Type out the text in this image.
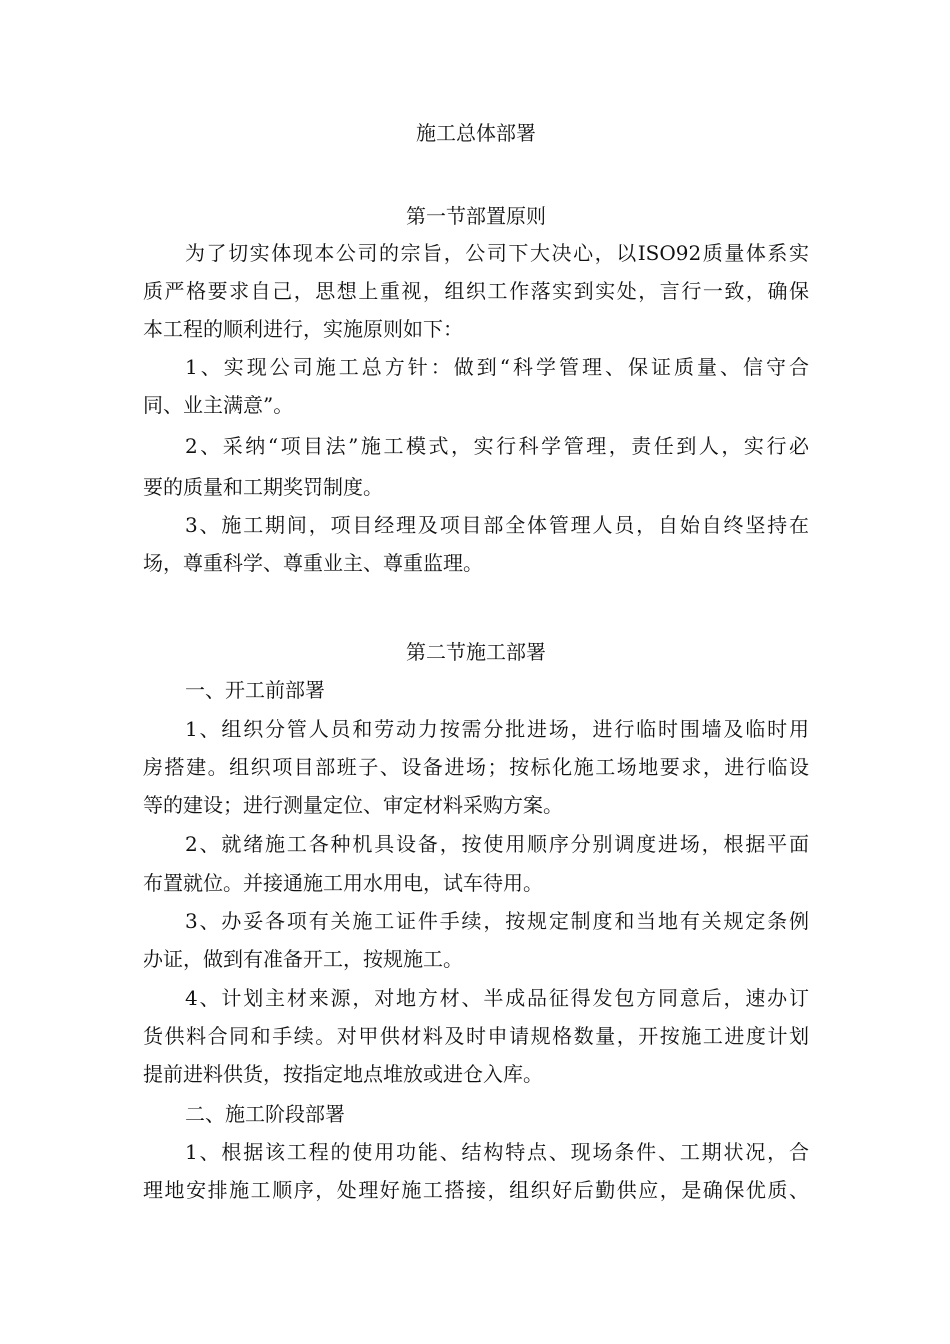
施工总体部署
第一节部置原则
为了切实体现本公司的宗旨，公司下大决心，以ISO92质量体系实
质严格要求自己，思想上重视，组织工作落实到实处，言行一致，确保
本工程的顺利进行，实施原则如下：
1、实现公司施工总方针：做到“科学管理、保证质量、信守合
同、业主满意”。
2、采纳“项目法”施工模式，实行科学管理，责任到人，实行必
要的质量和工期奖罚制度。
3、施工期间，项目经理及项目部全体管理人员，自始自终坚持在
场，尊重科学、尊重业主、尊重监理。
第二节施工部署
一、开工前部署
1、组织分管人员和劳动力按需分批进场，进行临时围墙及临时用
房搭建。组织项目部班子、设备进场；按标化施工场地要求，进行临设
等的建设；进行测量定位、审定材料采购方案。
2、就绪施工各种机具设备，按使用顺序分别调度进场，根据平面
布置就位。并接通施工用水用电，试车待用。
3、办妥各项有关施工证件手续，按规定制度和当地有关规定条例
办证，做到有准备开工，按规施工。
4、计划主材来源，对地方材、半成品征得发包方同意后，速办订
货供料合同和手续。对甲供材料及时申请规格数量，开按施工进度计划
提前进料供货，按指定地点堆放或进仓入库。
二、施工阶段部署
1、根据该工程的使用功能、结构特点、现场条件、工期状况，合
理地安排施工顺序，处理好施工搭接，组织好后勤供应，是确保优质、
